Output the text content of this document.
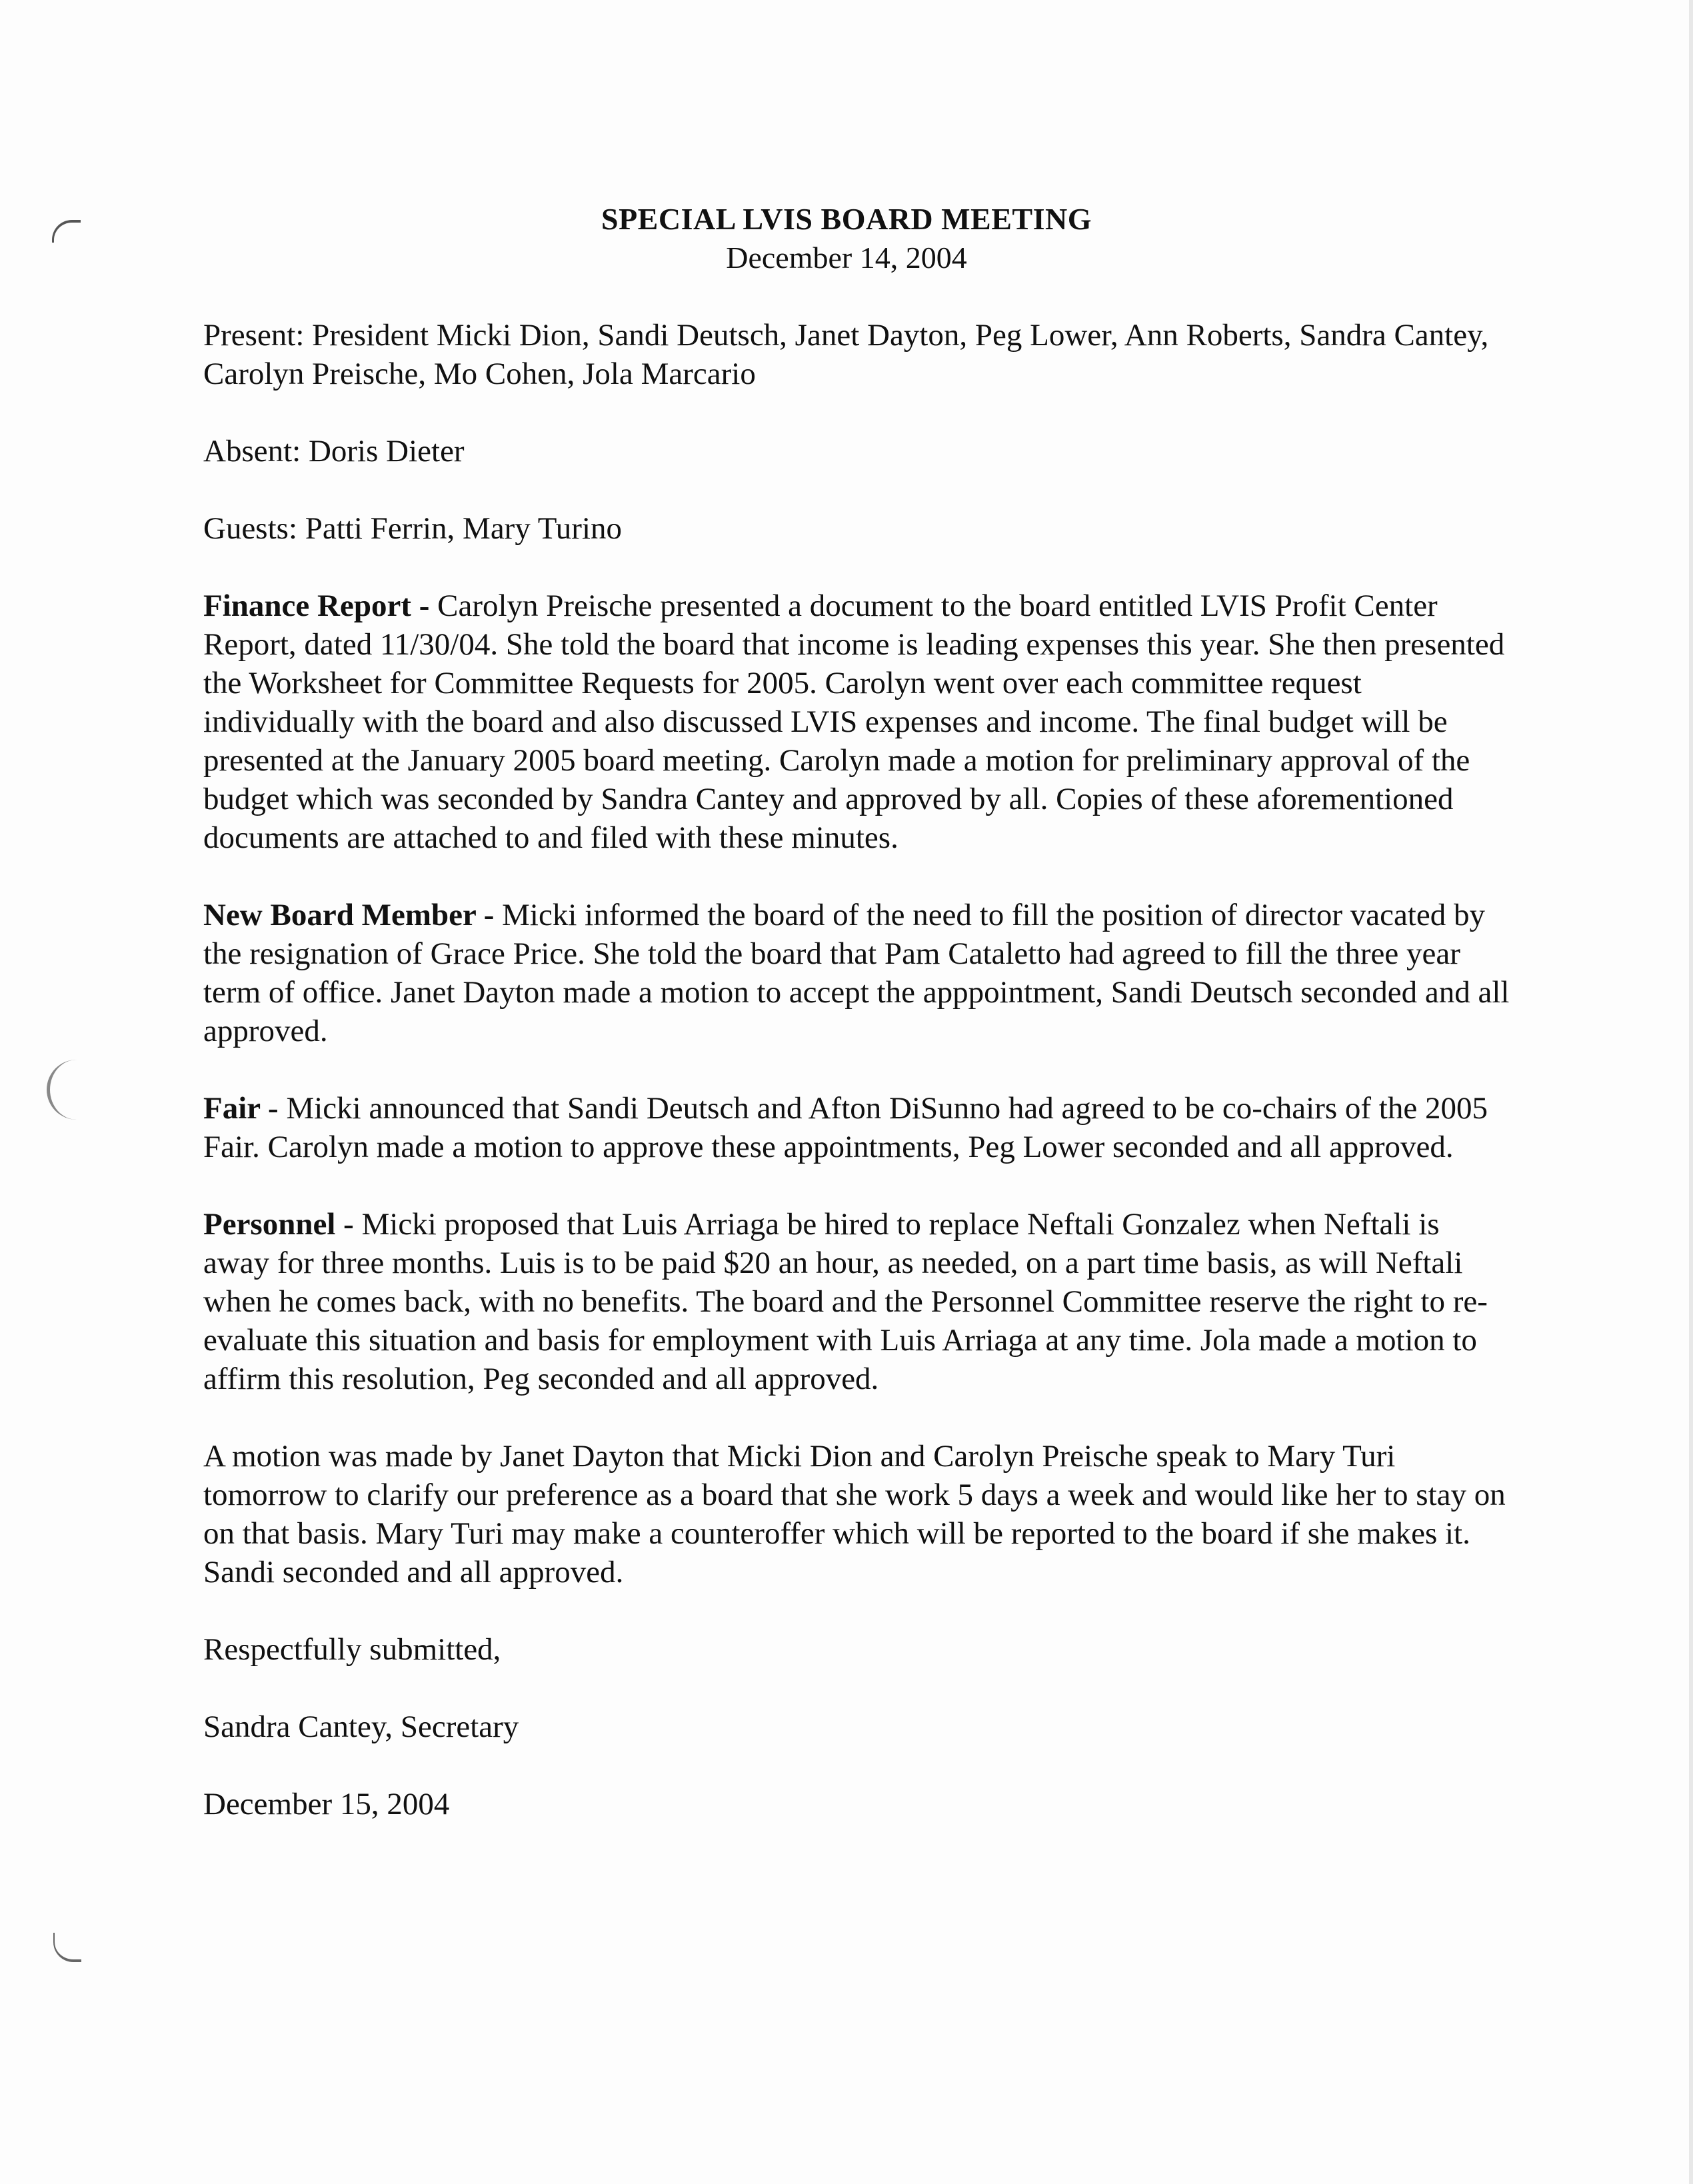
SPECIAL LVIS BOARD MEETING
December 14, 2004

Present: President Micki Dion, Sandi Deutsch, Janet Dayton, Peg Lower, Ann Roberts, Sandra Cantey, Carolyn Preische, Mo Cohen, Jola Marcario

Absent: Doris Dieter

Guests: Patti Ferrin, Mary Turino

Finance Report - Carolyn Preische presented a document to the board entitled LVIS Profit Center Report, dated 11/30/04. She told the board that income is leading expenses this year. She then presented the Worksheet for Committee Requests for 2005. Carolyn went over each committee request individually with the board and also discussed LVIS expenses and income. The final budget will be presented at the January 2005 board meeting. Carolyn made a motion for preliminary approval of the budget which was seconded by Sandra Cantey and approved by all. Copies of these aforementioned documents are attached to and filed with these minutes.

New Board Member - Micki informed the board of the need to fill the position of director vacated by the resignation of Grace Price. She told the board that Pam Cataletto had agreed to fill the three year term of office. Janet Dayton made a motion to accept the apppointment, Sandi Deutsch seconded and all approved.

Fair - Micki announced that Sandi Deutsch and Afton DiSunno had agreed to be co-chairs of the 2005 Fair. Carolyn made a motion to approve these appointments, Peg Lower seconded and all approved.

Personnel - Micki proposed that Luis Arriaga be hired to replace Neftali Gonzalez when Neftali is away for three months. Luis is to be paid $20 an hour, as needed, on a part time basis, as will Neftali when he comes back, with no benefits. The board and the Personnel Committee reserve the right to re-evaluate this situation and basis for employment with Luis Arriaga at any time. Jola made a motion to affirm this resolution, Peg seconded and all approved.

A motion was made by Janet Dayton that Micki Dion and Carolyn Preische speak to Mary Turi tomorrow to clarify our preference as a board that she work 5 days a week and would like her to stay on on that basis. Mary Turi may make a counteroffer which will be reported to the board if she makes it. Sandi seconded and all approved.

Respectfully submitted,

Sandra Cantey, Secretary

December 15, 2004
